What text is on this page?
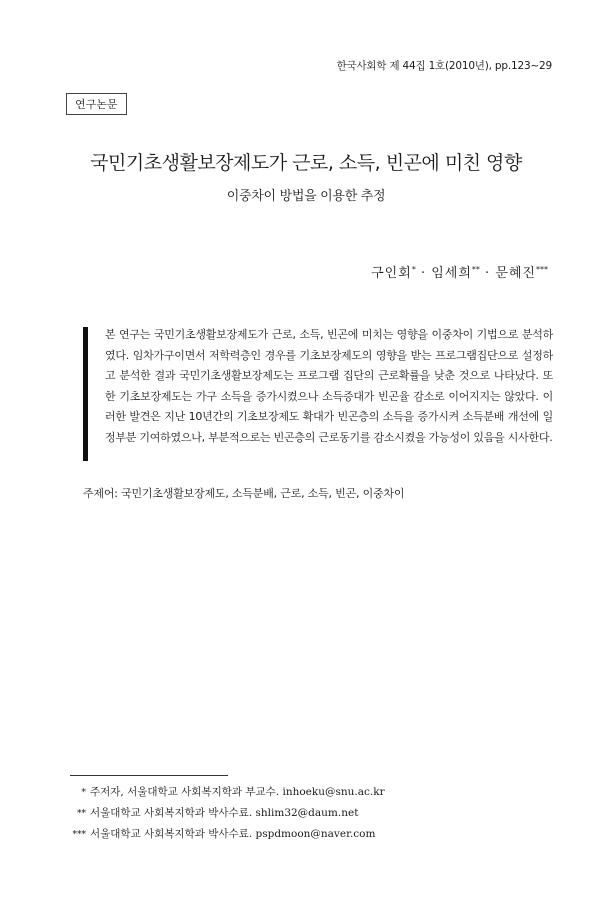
한국사회학 제 44집 1호(2010년), pp.123~29
연구논문
국민기초생활보장제도가 근로, 소득, 빈곤에 미친 영향
이중차이 방법을 이용한 추정
구인회* · 임세희** · 문혜진***
본 연구는 국민기초생활보장제도가 근로, 소득, 빈곤에 미치는 영향을 이중차이 기법으로 분석하였다. 임차가구이면서 저학력층인 경우를 기초보장제도의 영향을 받는 프로그램집단으로 설정하고 분석한 결과 국민기초생활보장제도는 프로그램 집단의 근로확률을 낮춘 것으로 나타났다. 또한 기초보장제도는 가구 소득을 증가시켰으나 소득증대가 빈곤율 감소로 이어지지는 않았다. 이러한 발견은 지난 10년간의 기초보장제도 확대가 빈곤층의 소득을 증가시켜 소득분배 개선에 일정부분 기여하였으나, 부분적으로는 빈곤층의 근로동기를 감소시켰을 가능성이 있음을 시사한다.
주제어: 국민기초생활보장제도, 소득분배, 근로, 소득, 빈곤, 이중차이
* 주저자, 서울대학교 사회복지학과 부교수. inhoeku@snu.ac.kr
** 서울대학교 사회복지학과 박사수료. shlim32@daum.net
*** 서울대학교 사회복지학과 박사수료. pspdmoon@naver.com
